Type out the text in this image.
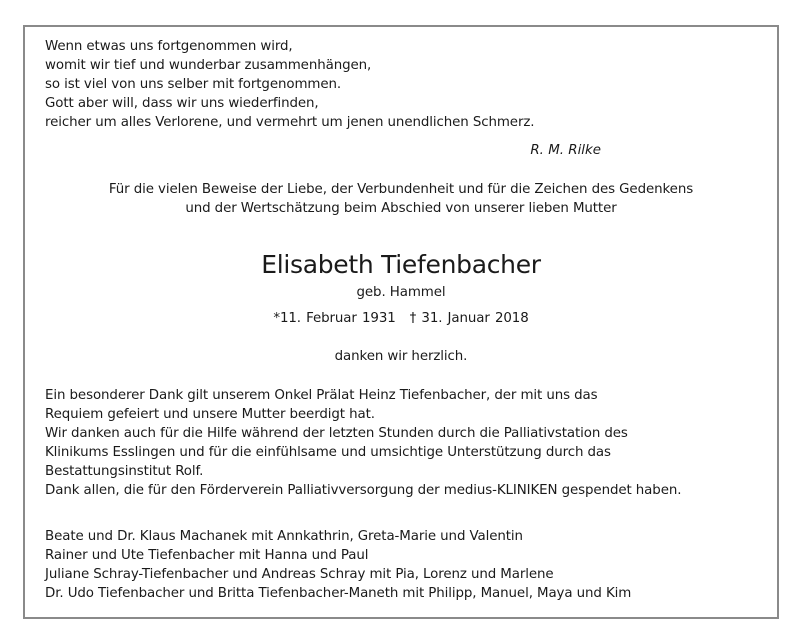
Wenn etwas uns fortgenommen wird,
womit wir tief und wunderbar zusammenhängen,
so ist viel von uns selber mit fortgenommen.
Gott aber will, dass wir uns wiederfinden,
reicher um alles Verlorene, und vermehrt um jenen unendlichen Schmerz.
R. M. Rilke
Für die vielen Beweise der Liebe, der Verbundenheit und für die Zeichen des Gedenkens
und der Wertschätzung beim Abschied von unserer lieben Mutter
Elisabeth Tiefenbacher
geb. Hammel
*11. Februar 1931 † 31. Januar 2018
danken wir herzlich.
Ein besonderer Dank gilt unserem Onkel Prälat Heinz Tiefenbacher, der mit uns das
Requiem gefeiert und unsere Mutter beerdigt hat.
Wir danken auch für die Hilfe während der letzten Stunden durch die Palliativstation des
Klinikums Esslingen und für die einfühlsame und umsichtige Unterstützung durch das
Bestattungsinstitut Rolf.
Dank allen, die für den Förderverein Palliativversorgung der medius-KLINIKEN gespendet haben.
Beate und Dr. Klaus Machanek mit Annkathrin, Greta-Marie und Valentin
Rainer und Ute Tiefenbacher mit Hanna und Paul
Juliane Schray-Tiefenbacher und Andreas Schray mit Pia, Lorenz und Marlene
Dr. Udo Tiefenbacher und Britta Tiefenbacher-Maneth mit Philipp, Manuel, Maya und Kim
